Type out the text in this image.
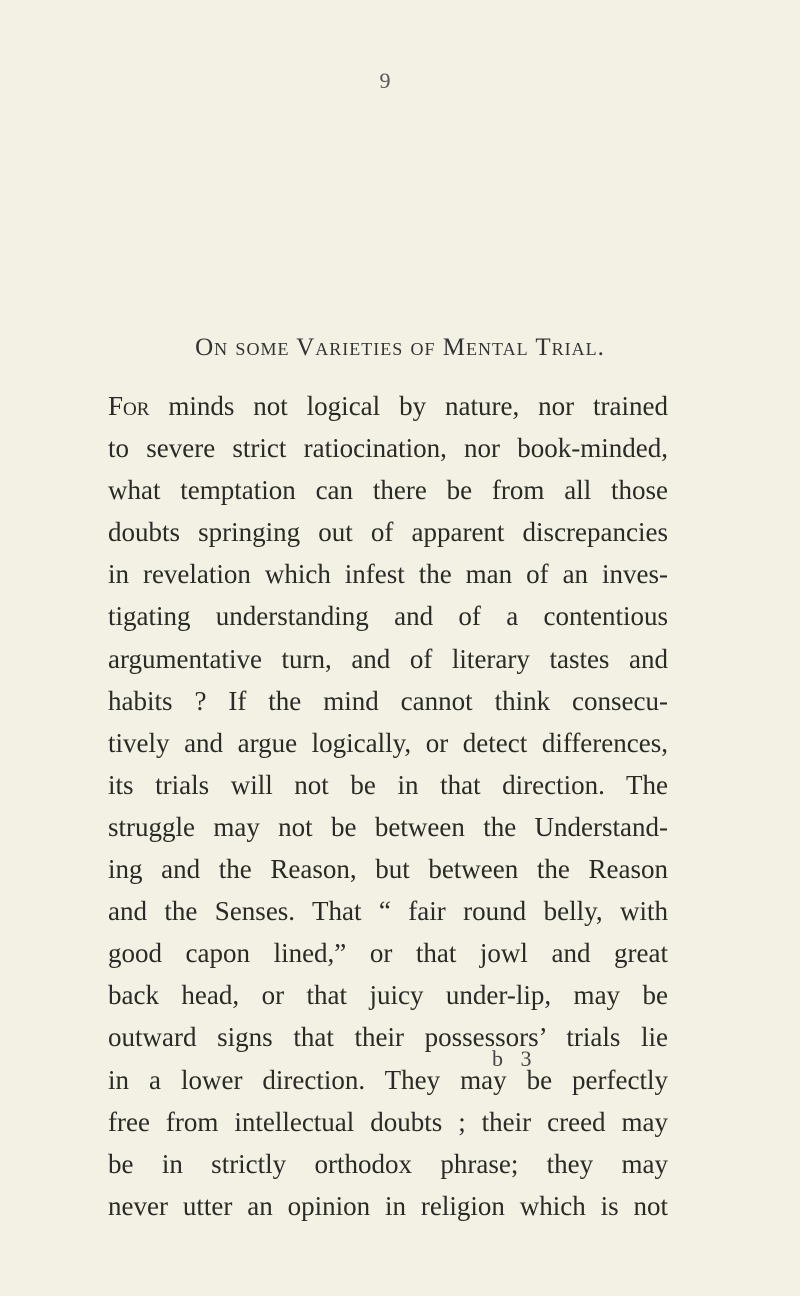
9
On some Varieties of Mental Trial.
For minds not logical by nature, nor trained
to severe strict ratiocination, nor book-minded,
what temptation can there be from all those
doubts springing out of apparent discrepancies
in revelation which infest the man of an inves-
tigating understanding and of a contentious
argumentative turn, and of literary tastes and
habits ? If the mind cannot think consecu-
tively and argue logically, or detect differences,
its trials will not be in that direction. The
struggle may not be between the Understand-
ing and the Reason, but between the Reason
and the Senses. That “ fair round belly, with
good capon lined,” or that jowl and great
back head, or that juicy under-lip, may be
outward signs that their possessors’ trials lie
in a lower direction. They may be perfectly
free from intellectual doubts ; their creed may
be in strictly orthodox phrase; they may
never utter an opinion in religion which is not
b 3
